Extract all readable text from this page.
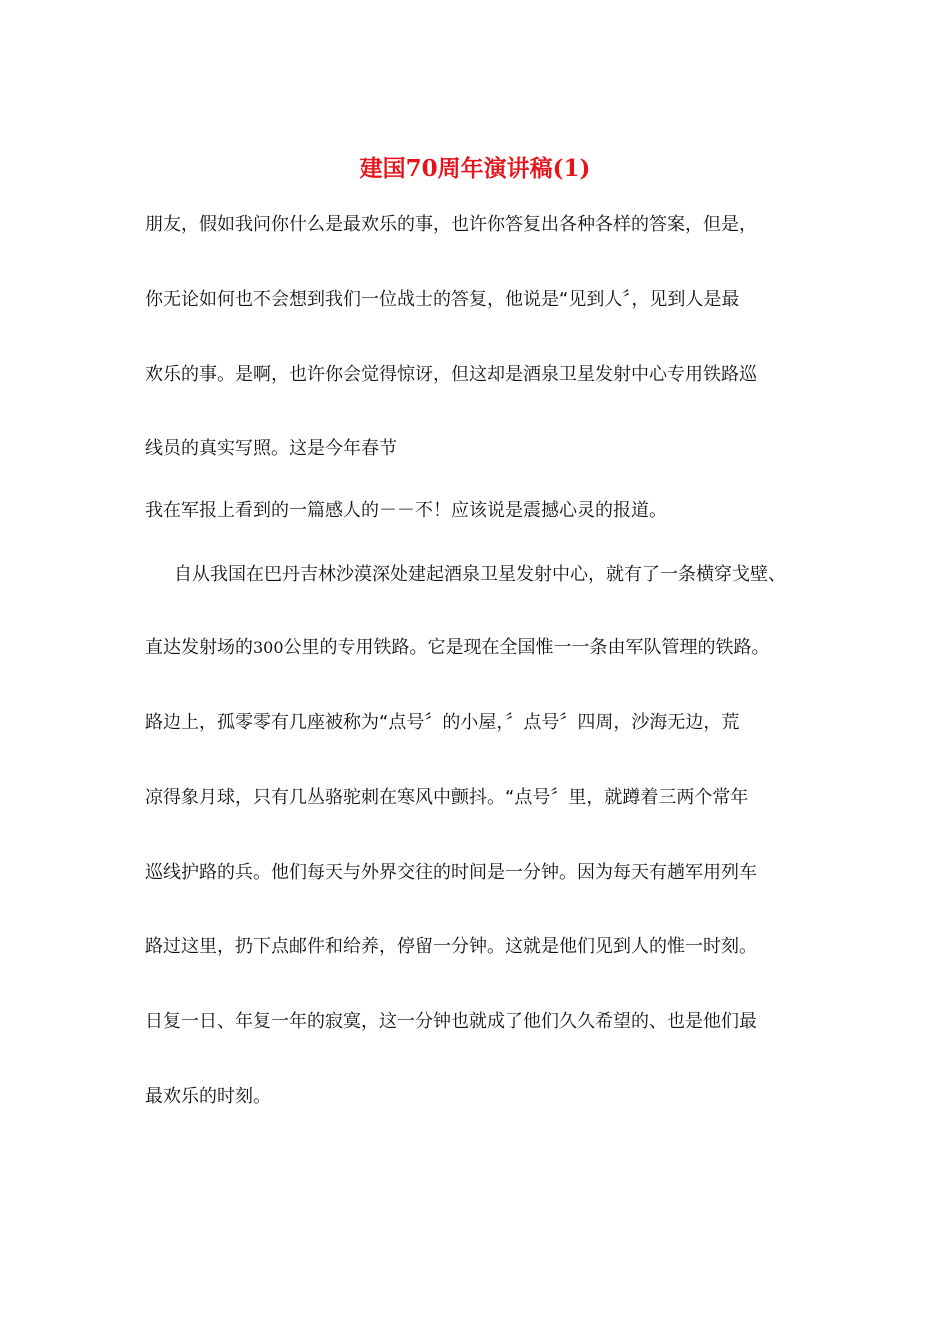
建国70周年演讲稿(1)

朋友，假如我问你什么是最欢乐的事，也许你答复出各种各样的答案，但是，

你无论如何也不会想到我们一位战士的答复，他说是“见到人〞，见到人是最

欢乐的事。是啊，也许你会觉得惊讶，但这却是酒泉卫星发射中心专用铁路巡

线员的真实写照。这是今年春节

我在军报上看到的一篇感人的－－不！应该说是震撼心灵的报道。

自从我国在巴丹吉林沙漠深处建起酒泉卫星发射中心，就有了一条横穿戈壁、

直达发射场的300公里的专用铁路。它是现在全国惟一一条由军队管理的铁路。

路边上，孤零零有几座被称为“点号〞的小屋，〞点号〞四周，沙海无边，荒

凉得象月球，只有几丛骆驼刺在寒风中颤抖。“点号〞里，就蹲着三两个常年

巡线护路的兵。他们每天与外界交往的时间是一分钟。因为每天有趟军用列车

路过这里，扔下点邮件和给养，停留一分钟。这就是他们见到人的惟一时刻。

日复一日、年复一年的寂寞，这一分钟也就成了他们久久希望的、也是他们最

最欢乐的时刻。
